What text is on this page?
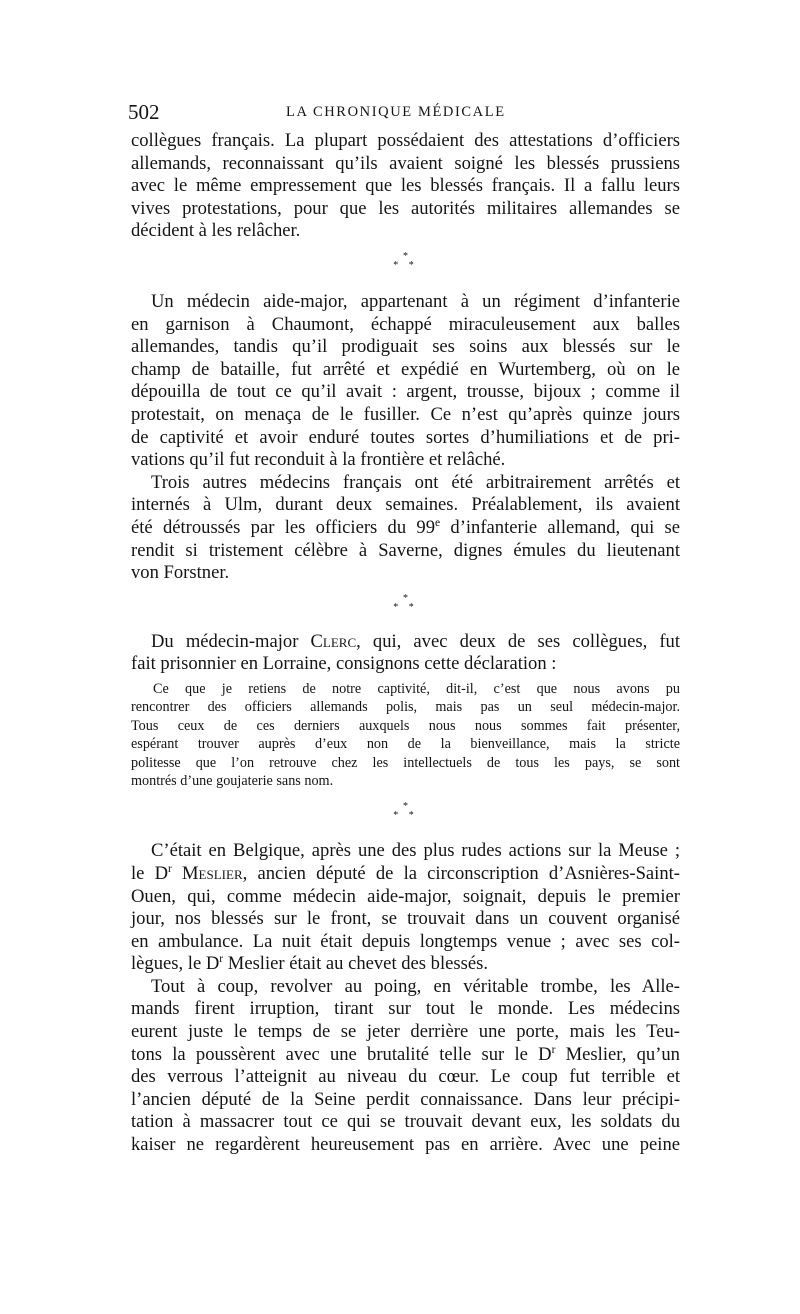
502	LA CHRONIQUE MÉDICALE
collègues français. La plupart possédaient des attestations d’officiers
allemands, reconnaissant qu’ils avaient soigné les blessés prussiens
avec le même empressement que les blessés français. Il a fallu leurs
vives protestations, pour que les autorités militaires allemandes se
décident à les relâcher.
*
* *
Un médecin aide-major, appartenant à un régiment d’infanterie
en garnison à Chaumont, échappé miraculeusement aux balles
allemandes, tandis qu’il prodiguait ses soins aux blessés sur le
champ de bataille, fut arrêté et expédié en Wurtemberg, où on le
dépouilla de tout ce qu’il avait : argent, trousse, bijoux ; comme il
protestait, on menaça de le fusiller. Ce n’est qu’après quinze jours
de captivité et avoir enduré toutes sortes d’humiliations et de pri-
vations qu’il fut reconduit à la frontière et relâché.
Trois autres médecins français ont été arbitrairement arrêtés et
internés à Ulm, durant deux semaines. Préalablement, ils avaient
été détroussés par les officiers du 99e d’infanterie allemand, qui se
rendit si tristement célèbre à Saverne, dignes émules du lieutenant
von Forstner.
*
* *
Du médecin-major Clerc, qui, avec deux de ses collègues, fut
fait prisonnier en Lorraine, consignons cette déclaration :
Ce que je retiens de notre captivité, dit-il, c’est que nous avons pu
rencontrer des officiers allemands polis, mais pas un seul médecin-major.
Tous ceux de ces derniers auxquels nous nous sommes fait présenter,
espérant trouver auprès d’eux non de la bienveillance, mais la stricte
politesse que l’on retrouve chez les intellectuels de tous les pays, se sont
montrés d’une goujaterie sans nom.
*
* *
C’était en Belgique, après une des plus rudes actions sur la Meuse ;
le $D^r$ Meslier, ancien député de la circonscription d’Asnières-Saint-
Ouen, qui, comme médecin aide-major, soignait, depuis le premier
jour, nos blessés sur le front, se trouvait dans un couvent organisé
en ambulance. La nuit était depuis longtemps venue ; avec ses col-
lègues, le $D^r$ Meslier était au chevet des blessés.
Tout à coup, revolver au poing, en véritable trombe, les Alle-
mands firent irruption, tirant sur tout le monde. Les médecins
eurent juste le temps de se jeter derrière une porte, mais les Teu-
tons la poussèrent avec une brutalité telle sur le $D^r$ Meslier, qu’un
des verrous l’atteignit au niveau du cœur. Le coup fut terrible et
l’ancien député de la Seine perdit connaissance. Dans leur précipi-
tation à massacrer tout ce qui se trouvait devant eux, les soldats du
kaiser ne regardèrent heureusement pas en arrière. Avec une peine
